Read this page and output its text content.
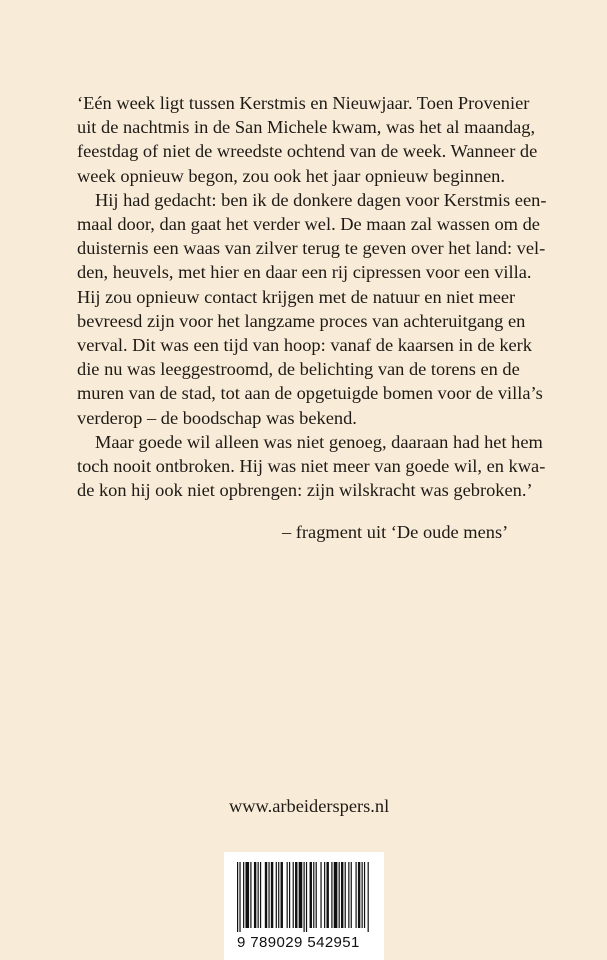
‘Eén week ligt tussen Kerstmis en Nieuwjaar. Toen Provenier
uit de nachtmis in de San Michele kwam, was het al maandag,
feestdag of niet de wreedste ochtend van de week. Wanneer de
week opnieuw begon, zou ook het jaar opnieuw beginnen.

Hij had gedacht: ben ik de donkere dagen voor Kerstmis een-
maal door, dan gaat het verder wel. De maan zal wassen om de
duisternis een waas van zilver terug te geven over het land: vel-
den, heuvels, met hier en daar een rij cipressen voor een villa.
Hij zou opnieuw contact krijgen met de natuur en niet meer
bevreesd zijn voor het langzame proces van achteruitgang en
verval. Dit was een tijd van hoop: vanaf de kaarsen in de kerk
die nu was leeggestroomd, de belichting van de torens en de
muren van de stad, tot aan de opgetuigde bomen voor de villa’s
verderop – de boodschap was bekend.

Maar goede wil alleen was niet genoeg, daaraan had het hem
toch nooit ontbroken. Hij was niet meer van goede wil, en kwa-
de kon hij ook niet opbrengen: zijn wilskracht was gebroken.’

– fragment uit ‘De oude mens’
www.arbeiderspers.nl
9 789029 542951
